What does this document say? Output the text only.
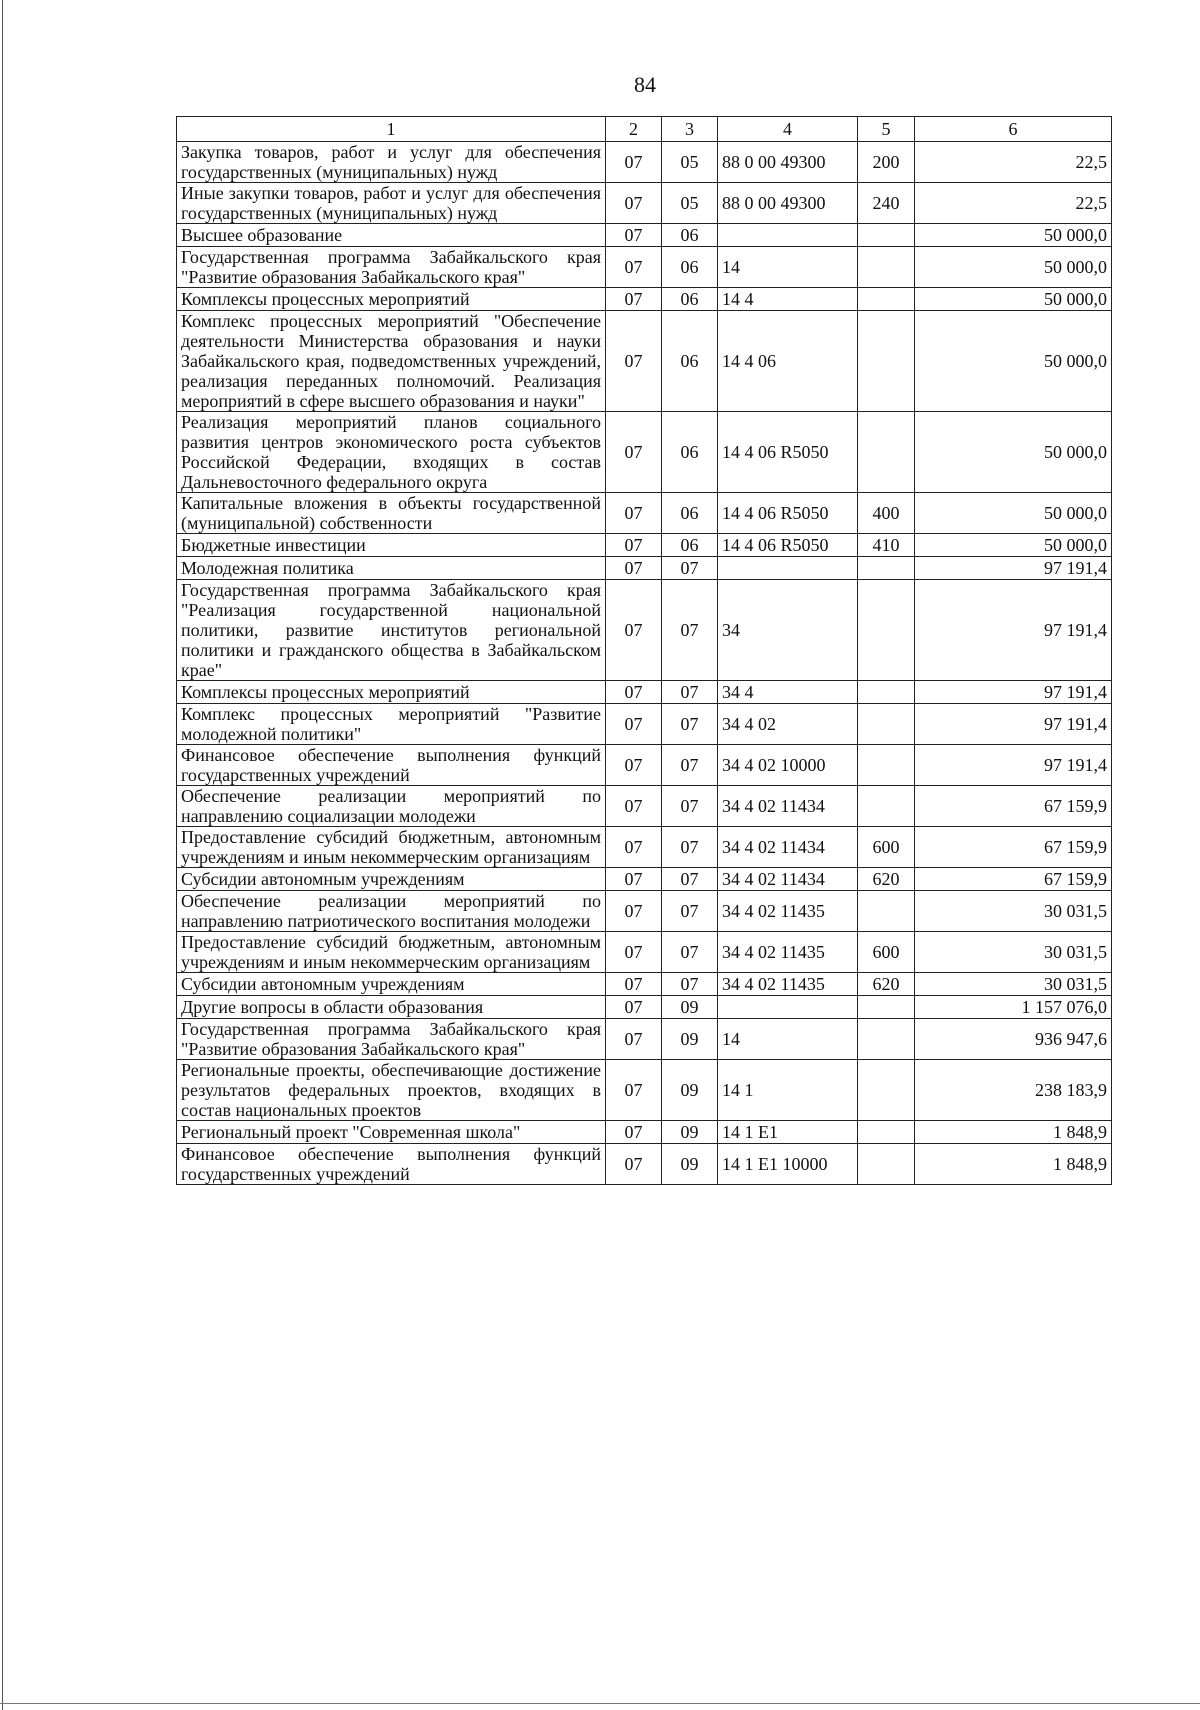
84
1	2	3	4	5	6
Закупка товаров, работ и услуг для обеспечения государственных (муниципальных) нужд	07	05	88 0 00 49300	200	22,5
Иные закупки товаров, работ и услуг для обеспечения государственных (муниципальных) нужд	07	05	88 0 00 49300	240	22,5
Высшее образование	07	06			50 000,0
Государственная программа Забайкальского края "Развитие образования Забайкальского края"	07	06	14		50 000,0
Комплексы процессных мероприятий	07	06	14 4		50 000,0
Комплекс процессных мероприятий "Обеспечение деятельности Министерства образования и науки Забайкальского края, подведомственных учреждений, реализация переданных полномочий. Реализация мероприятий в сфере высшего образования и науки"	07	06	14 4 06		50 000,0
Реализация мероприятий планов социального развития центров экономического роста субъектов Российской Федерации, входящих в состав Дальневосточного федерального округа	07	06	14 4 06 R5050		50 000,0
Капитальные вложения в объекты государственной (муниципальной) собственности	07	06	14 4 06 R5050	400	50 000,0
Бюджетные инвестиции	07	06	14 4 06 R5050	410	50 000,0
Молодежная политика	07	07			97 191,4
Государственная программа Забайкальского края "Реализация государственной национальной политики, развитие институтов региональной политики и гражданского общества в Забайкальском крае"	07	07	34		97 191,4
Комплексы процессных мероприятий	07	07	34 4		97 191,4
Комплекс процессных мероприятий "Развитие молодежной политики"	07	07	34 4 02		97 191,4
Финансовое обеспечение выполнения функций государственных учреждений	07	07	34 4 02 10000		97 191,4
Обеспечение реализации мероприятий по направлению социализации молодежи	07	07	34 4 02 11434		67 159,9
Предоставление субсидий бюджетным, автономным учреждениям и иным некоммерческим организациям	07	07	34 4 02 11434	600	67 159,9
Субсидии автономным учреждениям	07	07	34 4 02 11434	620	67 159,9
Обеспечение реализации мероприятий по направлению патриотического воспитания молодежи	07	07	34 4 02 11435		30 031,5
Предоставление субсидий бюджетным, автономным учреждениям и иным некоммерческим организациям	07	07	34 4 02 11435	600	30 031,5
Субсидии автономным учреждениям	07	07	34 4 02 11435	620	30 031,5
Другие вопросы в области образования	07	09			1 157 076,0
Государственная программа Забайкальского края "Развитие образования Забайкальского края"	07	09	14		936 947,6
Региональные проекты, обеспечивающие достижение результатов федеральных проектов, входящих в состав национальных проектов	07	09	14 1		238 183,9
Региональный проект "Современная школа"	07	09	14 1 E1		1 848,9
Финансовое обеспечение выполнения функций государственных учреждений	07	09	14 1 E1 10000		1 848,9
